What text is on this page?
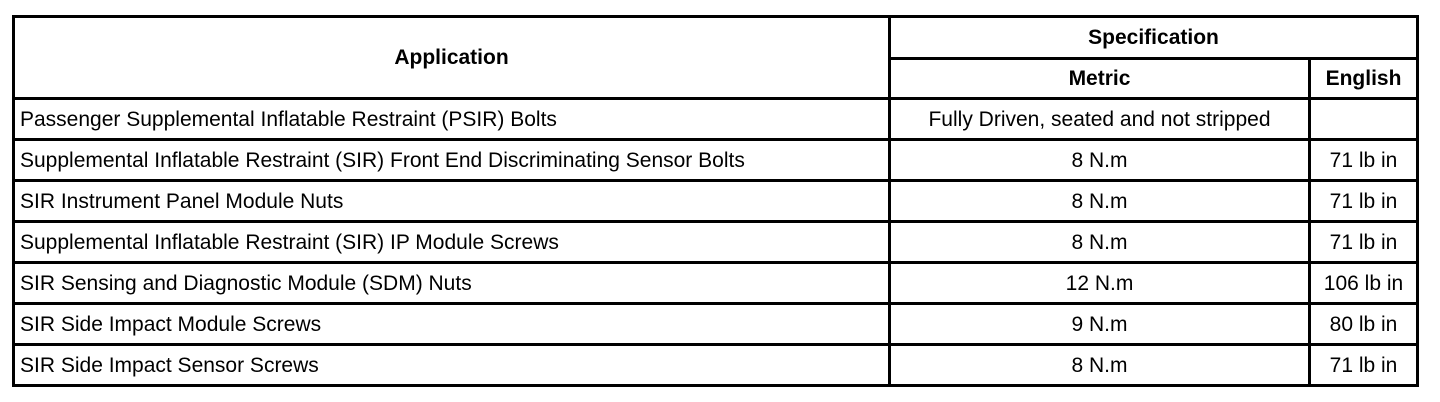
Application	Specification	
	Metric	English
Passenger Supplemental Inflatable Restraint (PSIR) Bolts	Fully Driven, seated and not stripped	
Supplemental Inflatable Restraint (SIR) Front End Discriminating Sensor Bolts	8 N.m	71 lb in
SIR Instrument Panel Module Nuts	8 N.m	71 lb in
Supplemental Inflatable Restraint (SIR) IP Module Screws	8 N.m	71 lb in
SIR Sensing and Diagnostic Module (SDM) Nuts	12 N.m	106 lb in
SIR Side Impact Module Screws	9 N.m	80 lb in
SIR Side Impact Sensor Screws	8 N.m	71 lb in
